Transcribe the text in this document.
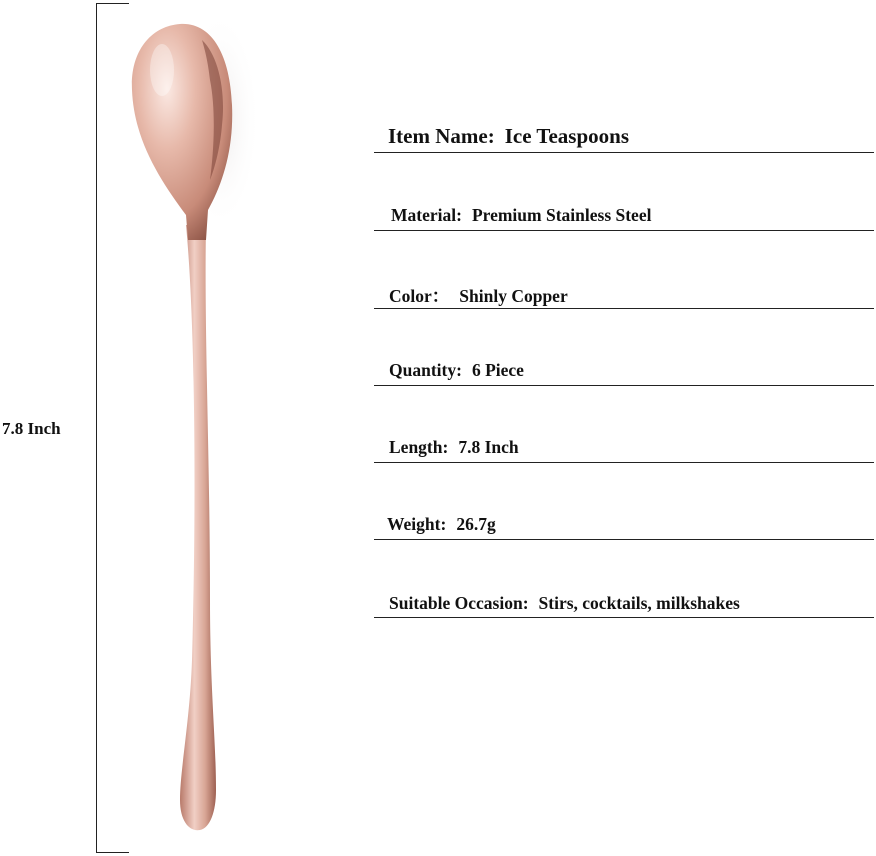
7.8 Inch
Item Name: Ice Teaspoons
Material: Premium Stainless Steel
Color： Shinly Copper
Quantity: 6 Piece
Length: 7.8 Inch
Weight: 26.7g
Suitable Occasion: Stirs, cocktails, milkshakes
